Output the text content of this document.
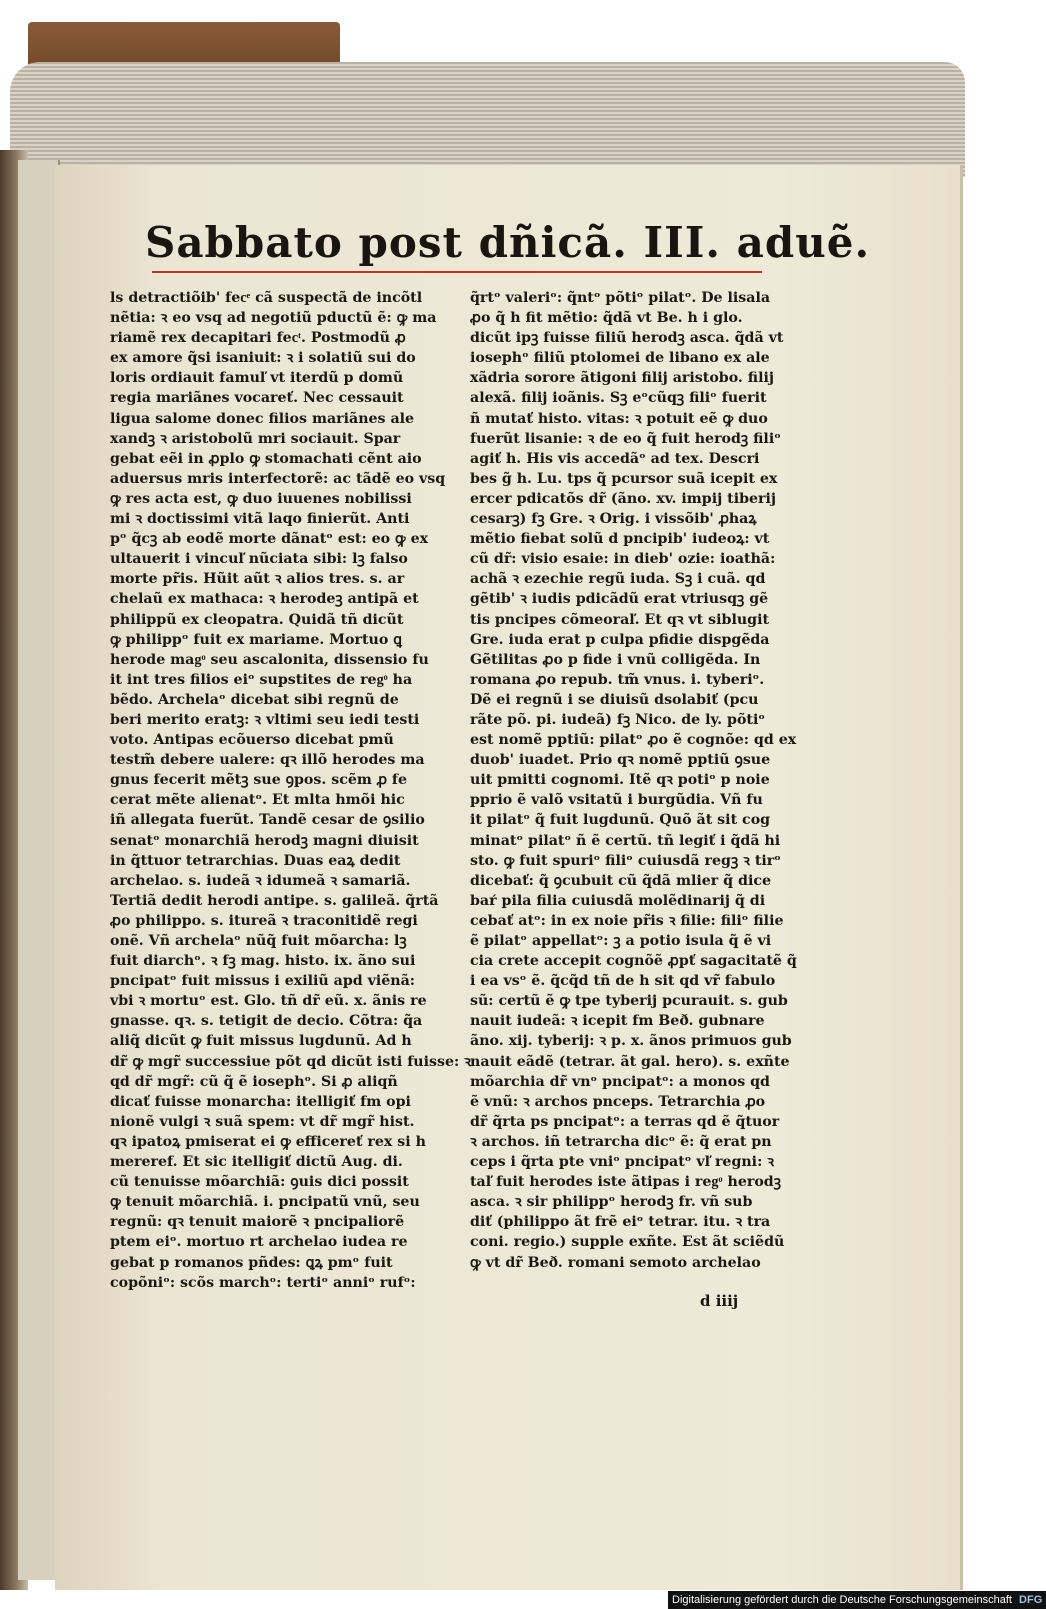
Sabbato post dñicã. III. aduẽ.
ls detractiõib' fecͤ cã suspectã de incõtl
nẽtia: ꝛ eo vsq ad negotiũ pductũ ẽ: ꝙ ma
riamẽ rex decapitari fecͭ. Postmodũ ꝓ
ex amore q̃si isaniuit: ꝛ i solatiũ sui do
loris ordiauit famuľ vt iterdũ p domũ
regia mariãnes vocareť. Nec cessauit
ligua salome donec filios mariãnes ale
xandꝫ ꝛ aristobolũ mri sociauit. Spar
gebat eẽi in ꝓplo ꝙ stomachati cẽnt aio
aduersus mris interfectorẽ: ac tãdẽ eo vsq
ꝙ res acta est, ꝙ duo iuuenes nobilissi
mi ꝛ doctissimi vitã laqo finierũt. Anti
pᵒ q̃cꝫ ab eodẽ morte dãnatᵒ est: eo ꝙ ex
ultauerit i vincuľ nũciata sibi: lꝫ falso
morte pr̃is. Hũit aũt ꝛ alios tres. s. ar
chelaũ ex mathaca: ꝛ herodeꝫ antipã et
philippũ ex cleopatra. Quidã tñ dicũt
ꝙ philippᵒ fuit ex mariame. Mortuo ꝗ
herode magͦ seu ascalonita, dissensio fu
it int tres filios eiᵒ supstites de regͦ ha
bẽdo. Archelaᵒ dicebat sibi regnũ de
beri merito eratꝫ: ꝛ vltimi seu iedi testi
voto. Antipas ecõuerso dicebat pmũ
testm̃ debere ualere: qꝛ illõ herodes ma
gnus fecerit mẽtꝫ sue ꝯpos. scẽm ꝓ fe
cerat mẽte alienatᵒ. Et mlta hmõi hic
iñ allegata fuerũt. Tandẽ cesar de ꝯsilio
senatᵒ monarchiã herodꝫ magni diuisit
in q̃ttuor tetrarchias. Duas eaꝝ dedit
archelao. s. iudeã ꝛ idumeã ꝛ samariã.
Tertiã dedit herodi antipe. s. galileã. q̃rtã
ꝓo philippo. s. itureã ꝛ traconitidẽ regi
onẽ. Vñ archelaᵒ nũq̃ fuit mõarcha: lꝫ
fuit diarchᵒ. ꝛ fꝫ mag. histo. ix. ãno sui
pncipatᵒ fuit missus i exiliũ apd viẽnã:
vbi ꝛ mortuᵒ est. Glo. tñ dr̃ eũ. x. ãnis re
gnasse. qꝛ. s. tetigit de decio. Cõtra: q̃a
aliq̃ dicũt ꝙ fuit missus lugdunũ. Ad h
dr̃ ꝙ mgr̃ successiue põt qd dicũt isti fuisse: ꝛ
qd dr̃ mgr̃: cũ q̃ ẽ iosephᵒ. Si ꝓ aliqñ
dicať fuisse monarcha: itelligiť fm opi
nionẽ vulgi ꝛ suã spem: vt dr̃ mgr̃ hist.
qꝛ ipatoꝝ pmiserat ei ꝙ efficereť rex si h
mereref. Et sic itelligiť dictũ Aug. di.
cũ tenuisse mõarchiã: ꝯuis dici possit
ꝙ tenuit mõarchiã. i. pncipatũ vnũ, seu
regnũ: qꝛ tenuit maiorẽ ꝛ pncipaliorẽ
ptem eiᵒ. mortuo rt archelao iudea re
gebat p romanos pñdes: ꝗꝝ pmᵒ fuit
copõniᵒ: scõs marchᵒ: tertiᵒ anniᵒ rufᵒ:
q̃rtᵒ valeriᵒ: q̃ntᵒ põtiᵒ pilatᵒ. De lisala
ꝓo q̃ h fit mẽtio: q̃dã vt Be. h i glo.
dicũt ipꝫ fuisse filiũ herodꝫ asca. q̃dã vt
iosephᵒ filiũ ptolomei de libano ex ale
xãdria sorore ãtigoni filij aristobo. filij
alexã. filij ioãnis. Sꝫ eᵒcũqꝫ filiᵒ fuerit
ñ mutať histo. vitas: ꝛ potuit eẽ ꝙ duo
fuerũt lisanie: ꝛ de eo q̃ fuit herodꝫ filiᵒ
agiť h. His vis accedãᵒ ad tex. Descri
bes g̃ h. Lu. tps q̃ pcursor suã icepit ex
ercer pdicatõs dr̃ (ãno. xv. impij tiberij
cesarꝫ) fꝫ Gre. ꝛ Orig. i vissõib' ꝓhaꝝ
mẽtio fiebat solũ d pncipib' iudeoꝝ: vt
cũ dr̃: visio esaie: in dieb' ozie: ioathã:
achã ꝛ ezechie regũ iuda. Sꝫ i cuã. qd
gẽtib' ꝛ iudis pdicãdũ erat vtriusqꝫ gẽ
tis pncipes cõmeoraľ. Et qꝛ vt siblugit
Gre. iuda erat p culpa pfidie dispgẽda
Gẽtilitas ꝓo p fide i vnũ colligẽda. In
romana ꝓo repub. tm̃ vnus. i. tyberiᵒ.
Dẽ ei regnũ i se diuisũ dsolabiť (pcu
rãte põ. pi. iudeã) fꝫ Nico. de ly. põtiᵒ
est nomẽ pptiũ: pilatᵒ ꝓo ẽ cognõe: qd ex
duob' iuadet. Prio qꝛ nomẽ pptiũ ꝯsue
uit pmitti cognomi. Itẽ qꝛ potiᵒ p noie
pprio ẽ valõ vsitatũ i burgũdia. Vñ fu
it pilatᵒ q̃ fuit lugdunũ. Quõ ãt sit cog
minatᵒ pilatᵒ ñ ẽ certũ. tñ legiť i q̃dã hi
sto. ꝙ fuit spuriᵒ filiᵒ cuiusdã regꝫ ꝛ tirᵒ
dicebať: q̃ ꝯcubuit cũ q̃dã mlier q̃ dice
baŕ pila filia cuiusdã molẽdinarij q̃ di
cebať atᵒ: in ex noie pr̃is ꝛ filie: filiᵒ filie
ẽ pilatᵒ appellatᵒ: ꝫ a potio isula q̃ ẽ vi
cia crete accepit cognõẽ ꝓpť sagacitatẽ q̃
i ea vsᵒ ẽ. q̃cq̃d tñ de h sit qd vr̃ fabulo
sũ: certũ ẽ ꝙ tpe tyberij pcurauit. s. gub
nauit iudeã: ꝛ icepit fm Beð. gubnare
ãno. xij. tyberij: ꝛ p. x. ãnos primuos gub
nauit eãdẽ (tetrar. ãt gal. hero). s. exñte
mõarchia dr̃ vnᵒ pncipatᵒ: a monos qd
ẽ vnũ: ꝛ archos pnceps. Tetrarchia ꝓo
dr̃ q̃rta ps pncipatᵒ: a terras qd ẽ q̃tuor
ꝛ archos. iñ tetrarcha dicᵒ ẽ: q̃ erat pn
ceps i q̃rta pte vniᵒ pncipatᵒ vľ regni: ꝛ
taľ fuit herodes iste ãtipas i regͦ herodꝫ
asca. ꝛ sir philippᵒ herodꝫ fr. vñ sub
diť (philippo ãt frẽ eiᵒ tetrar. itu. ꝛ tra
coni. regio.) supple exñte. Est ãt sciẽdũ
ꝙ vt dr̃ Beð. romani semoto archelao
d iiij
Digitalisierung gefördert durch die Deutsche Forschungsgemeinschaft DFG
